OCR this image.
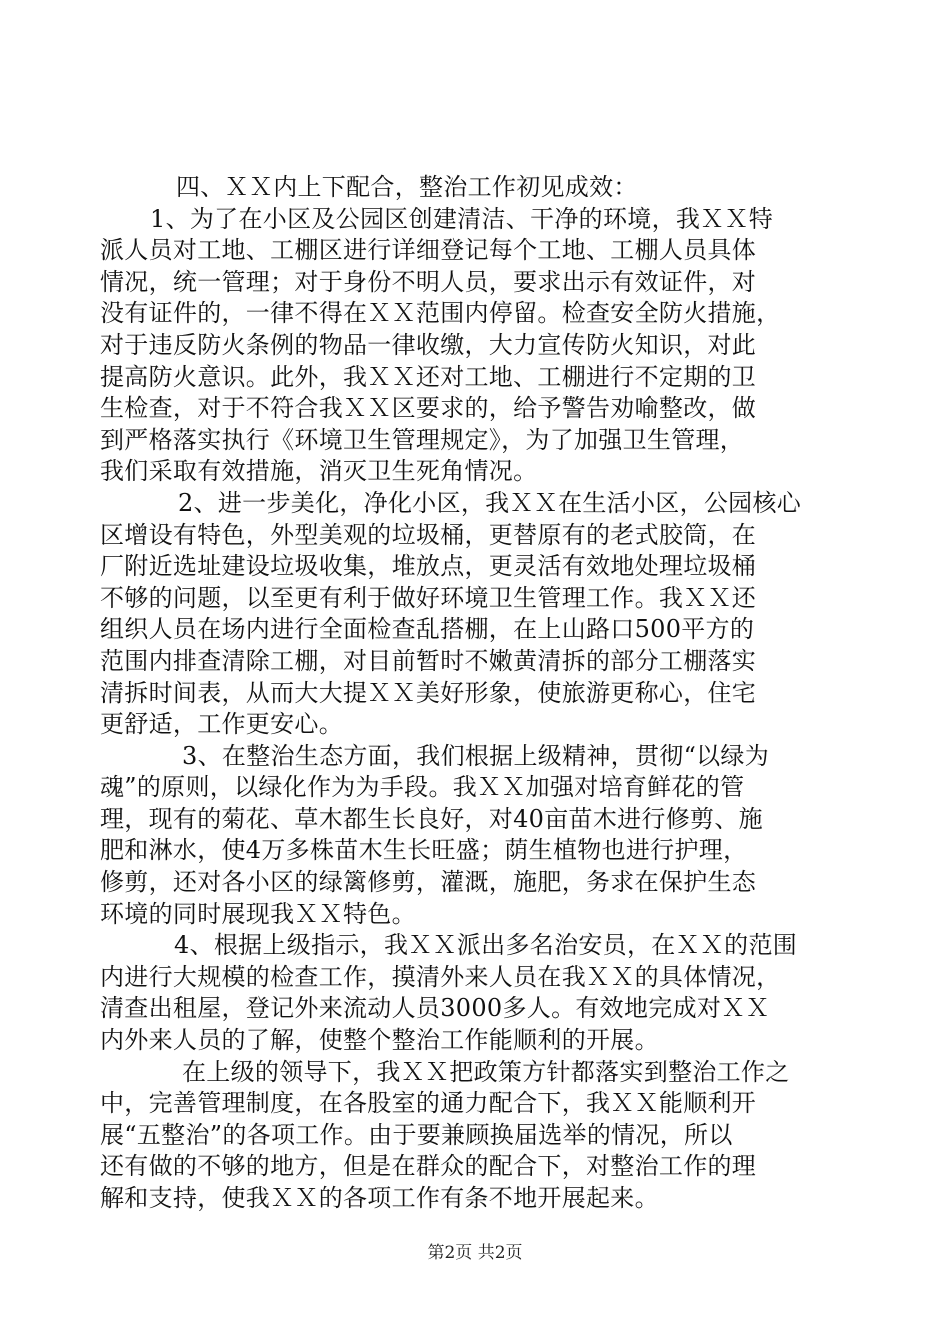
四、ＸＸ内上下配合，整治工作初见成效：
1、为了在小区及公园区创建清洁、干净的环境，我ＸＸ特
派人员对工地、工棚区进行详细登记每个工地、工棚人员具体
情况，统一管理；对于身份不明人员，要求出示有效证件，对
没有证件的，一律不得在ＸＸ范围内停留。检查安全防火措施，
对于违反防火条例的物品一律收缴，大力宣传防火知识，对此
提高防火意识。此外，我ＸＸ还对工地、工棚进行不定期的卫
生检查，对于不符合我ＸＸ区要求的，给予警告劝喻整改，做
到严格落实执行《环境卫生管理规定》，为了加强卫生管理，
我们采取有效措施，消灭卫生死角情况。
2、进一步美化，净化小区，我ＸＸ在生活小区，公园核心
区增设有特色，外型美观的垃圾桶，更替原有的老式胶筒，在
厂附近选址建设垃圾收集，堆放点，更灵活有效地处理垃圾桶
不够的问题，以至更有利于做好环境卫生管理工作。我ＸＸ还
组织人员在场内进行全面检查乱搭棚，在上山路口500平方的
范围内排查清除工棚，对目前暂时不嫩黄清拆的部分工棚落实
清拆时间表，从而大大提ＸＸ美好形象，使旅游更称心，住宅
更舒适，工作更安心。
3、在整治生态方面，我们根据上级精神，贯彻“以绿为
魂”的原则，以绿化作为为手段。我ＸＸ加强对培育鲜花的管
理，现有的菊花、草木都生长良好，对40亩苗木进行修剪、施
肥和淋水，使4万多株苗木生长旺盛；荫生植物也进行护理，
修剪，还对各小区的绿篱修剪，灌溉，施肥，务求在保护生态
环境的同时展现我ＸＸ特色。
4、根据上级指示，我ＸＸ派出多名治安员，在ＸＸ的范围
内进行大规模的检查工作，摸清外来人员在我ＸＸ的具体情况，
清查出租屋，登记外来流动人员3000多人。有效地完成对ＸＸ
内外来人员的了解，使整个整治工作能顺利的开展。
在上级的领导下，我ＸＸ把政策方针都落实到整治工作之
中，完善管理制度，在各股室的通力配合下，我ＸＸ能顺利开
展“五整治”的各项工作。由于要兼顾换届选举的情况，所以
还有做的不够的地方，但是在群众的配合下，对整治工作的理
解和支持，使我ＸＸ的各项工作有条不地开展起来。
第2页 共2页
